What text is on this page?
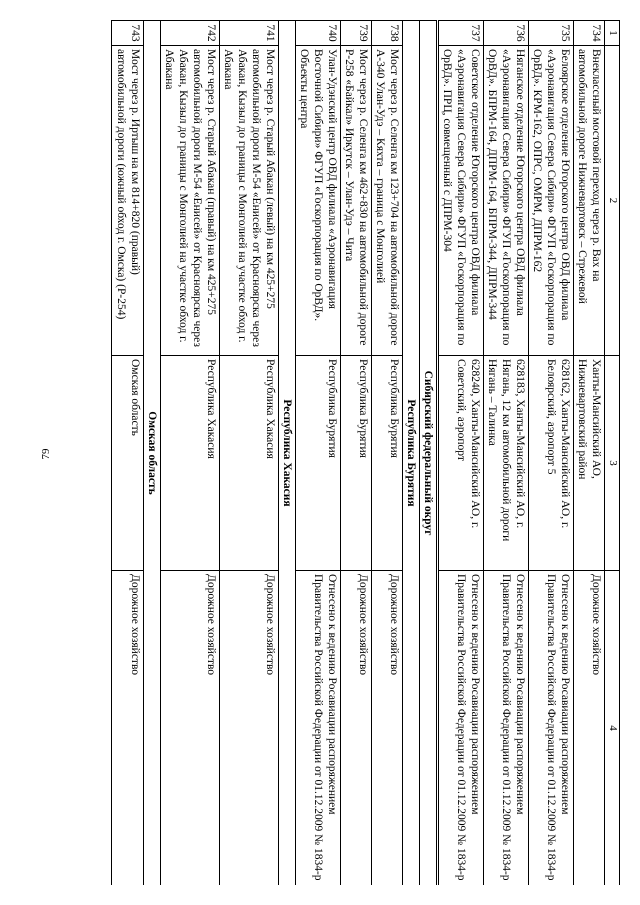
79
1	2	3	4
734	Внеклассный мостовой переход через р. Вах на автомобильной дороге Нижневартовск – Стрежевой	Ханты-Мансийский АО, Нижневартовский район	Дорожное хозяйство
735	Белоярское отделение Югорского центра ОВД филиала «Аэронавигация Севера Сибири» ФГУП «Госкорпорация по ОрВД». КРМ-162, ОПРС, ОМРМ, ДПРМ-162	628162, Ханты-Мансийский АО, г. Белоярский, аэропорт 5	Отнесено к ведению Росавиации распоряжением Правительства Российской Федерации от 01.12.2009 № 1834-р
736	Няганское отделение Югорского центра ОВД филиала «Аэронавигация Севера Сибири» ФГУП «Госкорпорация по ОрВД». БПРМ-164, ДПРМ-164, БПРМ-344, ДПРМ-344	628183, Ханты-Мансийский АО, г. Нягань, 12 км автомобильной дороги Нягань – Талинка	Отнесено к ведению Росавиации распоряжением Правительства Российской Федерации от 01.12.2009 № 1834-р
737	Советское отделение Югорского центра ОВД филиала «Аэронавигация Севера Сибири» ФГУП «Госкорпорация по ОрВД». ПРЦ, совмещенный с ДПРМ-304	628240, Ханты-Мансийский АО, г. Советский, аэропорт	Отнесено к ведению Росавиации распоряжением Правительства Российской Федерации от 01.12.2009 № 1834-р
Сибирский федеральный округ			
Республика Бурятия			
738	Мост через р. Селенга км 123+704 на автомобильной дороге А-340 Улан-Удэ – Кяхта – граница с Монголией	Республика Бурятия	Дорожное хозяйство
739	Мост через р. Селенга км 462+830 на автомобильной дороге Р-258 «Байкал» Иркутск – Улан-Удэ – Чита	Республика Бурятия	Дорожное хозяйство
740	Улан-Удэнский центр ОВД филиала «Аэронавигация Восточной Сибири» ФГУП «Госкорпорация по ОрВД». Объекты центра	Республика Бурятия	Отнесено к ведению Росавиации распоряжением Правительства Российской Федерации от 01.12.2009 № 1834-р
Республика Хакасия			
741	Мост через р. Старый Абакан (левый) на км 425+275 автомобильной дороги М-54 «Енисей» от Красноярска через Абакан, Кызыл до границы с Монголией на участке обход г. Абакана	Республика Хакасия	Дорожное хозяйство
742	Мост через р. Старый Абакан (правый) на км 425+275 автомобильной дороги М-54 «Енисей» от Красноярска через Абакан, Кызыл до границы с Монголией на участке обход г. Абакана	Республика Хакасия	Дорожное хозяйство
Омская область			
743	Мост через р. Иртыш на км 814+820 (правый) автомобильной дороги (южный обход г. Омска) (Р-254)	Омская область	Дорожное хозяйство
